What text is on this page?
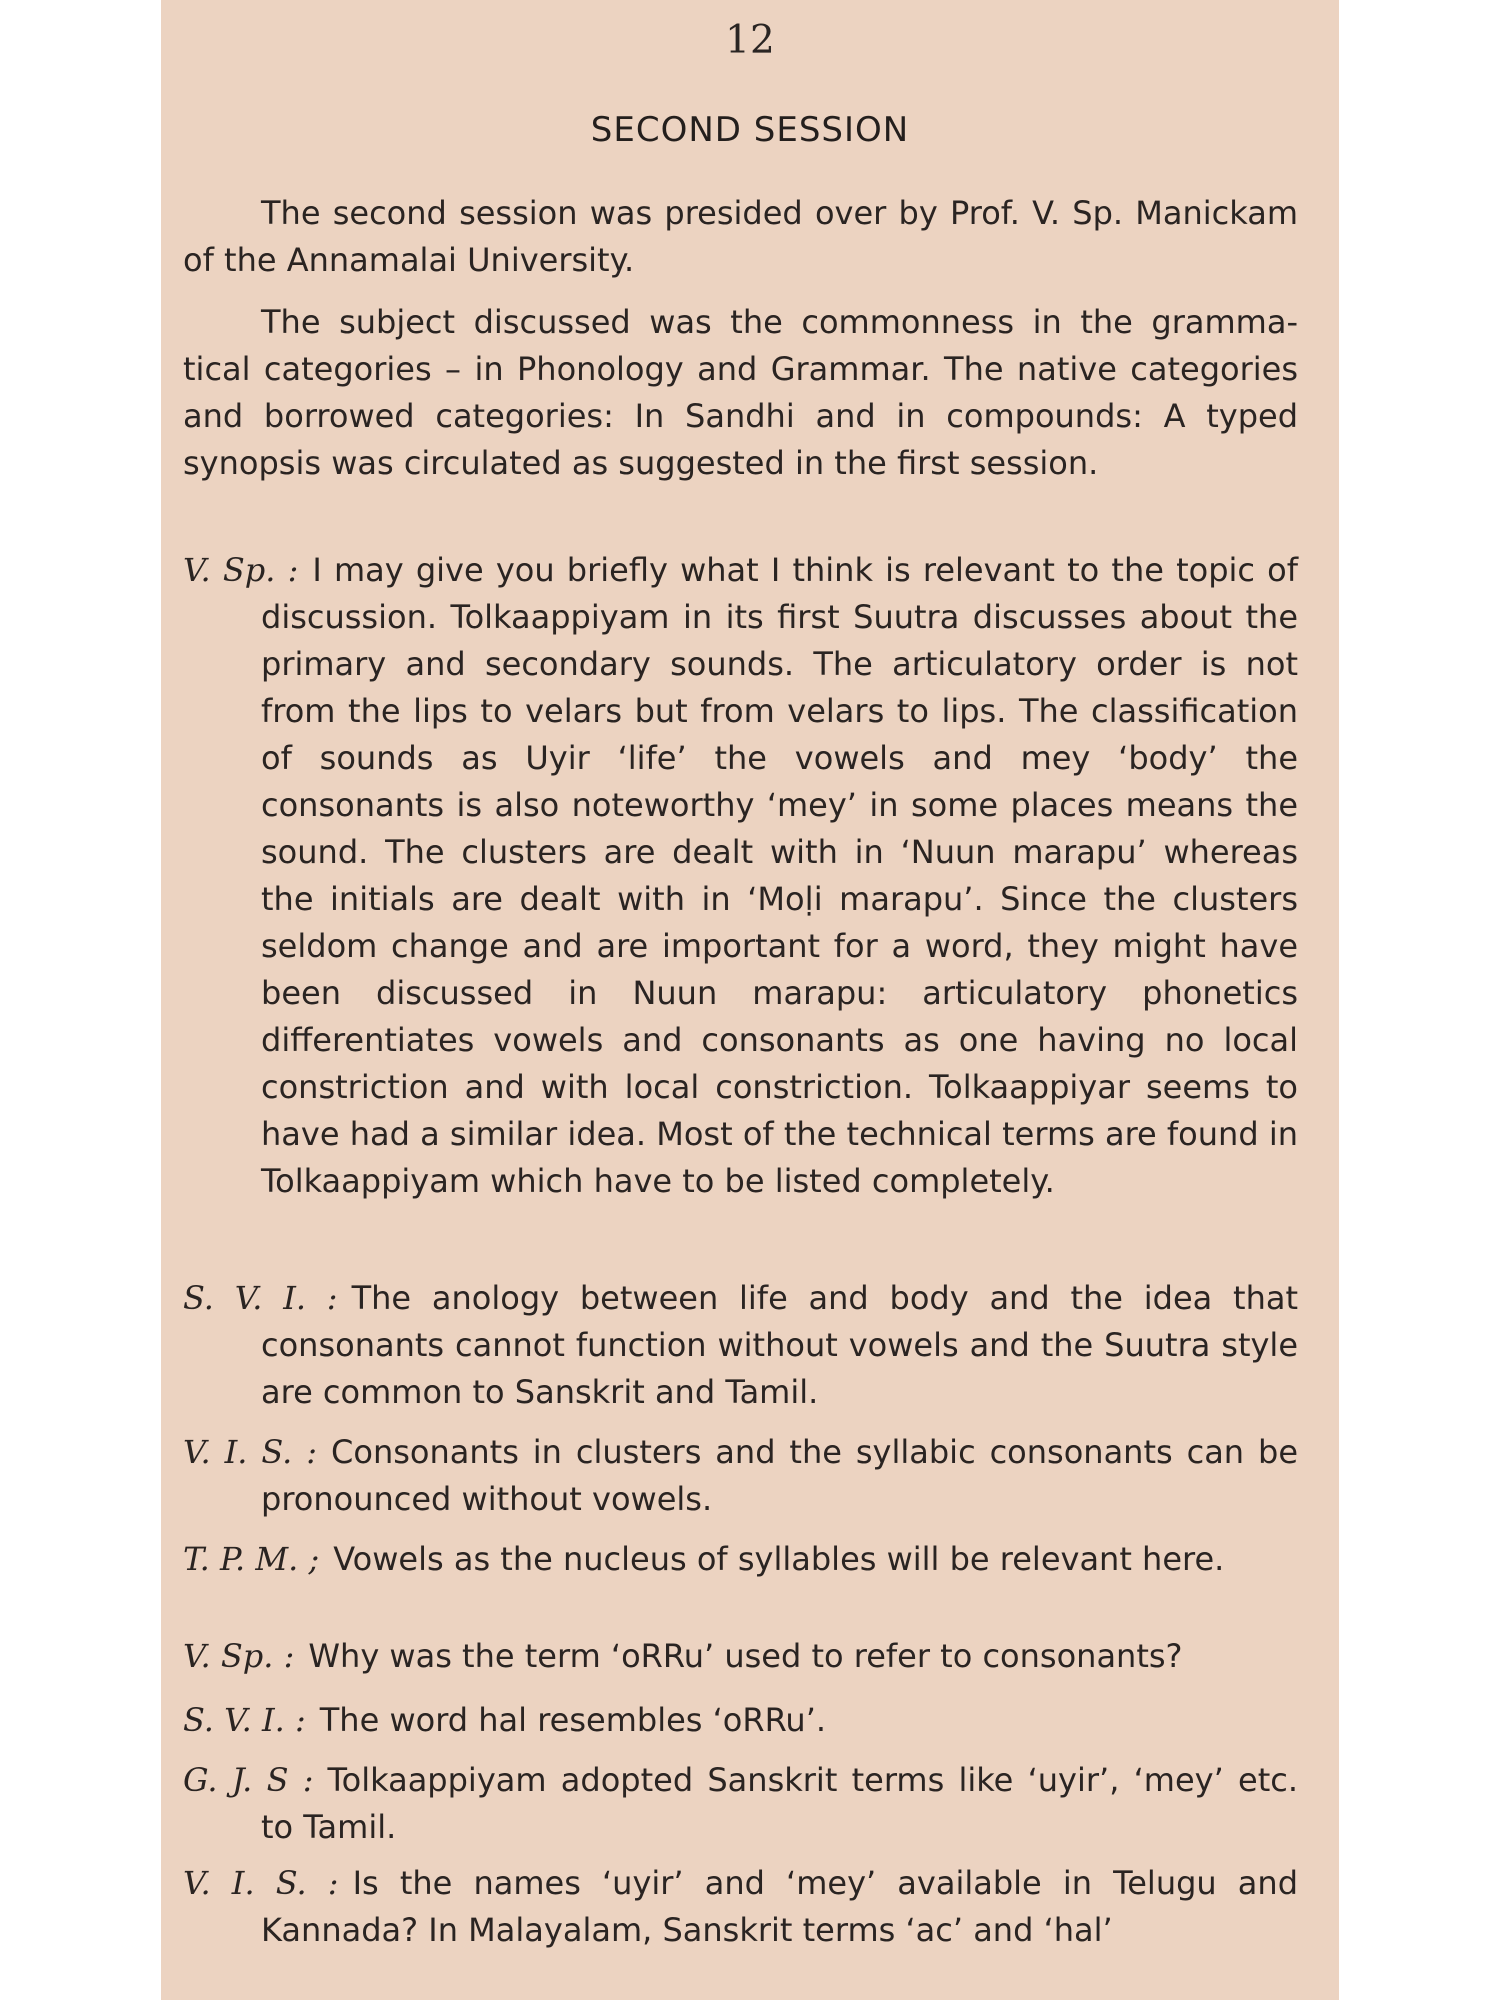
12
SECOND SESSION

The second session was presided over by Prof. V. Sp. Manickam of the Annamalai University.

The subject discussed was the commonness in the gramma-tical categories – in Phonology and Grammar. The native categories and borrowed categories: In Sandhi and in compounds: A typed synopsis was circulated as suggested in the first session.

V. Sp. : I may give you briefly what I think is relevant to the topic of discussion. Tolkaappiyam in its first Suutra discusses about the primary and secondary sounds. The articulatory order is not from the lips to velars but from velars to lips. The classification of sounds as Uyir ‘life’ the vowels and mey ‘body’ the consonants is also noteworthy ‘mey’ in some places means the sound. The clusters are dealt with in ‘Nuun marapu’ whereas the initials are dealt with in ‘Moḷi marapu’. Since the clusters seldom change and are important for a word, they might have been discussed in Nuun marapu: articulatory phonetics differentiates vowels and consonants as one having no local constriction and with local constriction. Tolkaappiyar seems to have had a similar idea. Most of the technical terms are found in Tolkaappiyam which have to be listed completely.

S. V. I. : The anology between life and body and the idea that consonants cannot function without vowels and the Suutra style are common to Sanskrit and Tamil.

V. I. S. : Consonants in clusters and the syllabic consonants can be pronounced without vowels.

T. P. M. ; Vowels as the nucleus of syllables will be relevant here.

V. Sp. : Why was the term ‘oRRu’ used to refer to consonants?

S. V. I. : The word hal resembles ‘oRRu’.

G. J. S : Tolkaappiyam adopted Sanskrit terms like ‘uyir’, ‘mey’ etc. to Tamil.

V. I. S. : Is the names ‘uyir’ and ‘mey’ available in Telugu and Kannada? In Malayalam, Sanskrit terms ‘ac’ and ‘hal’
